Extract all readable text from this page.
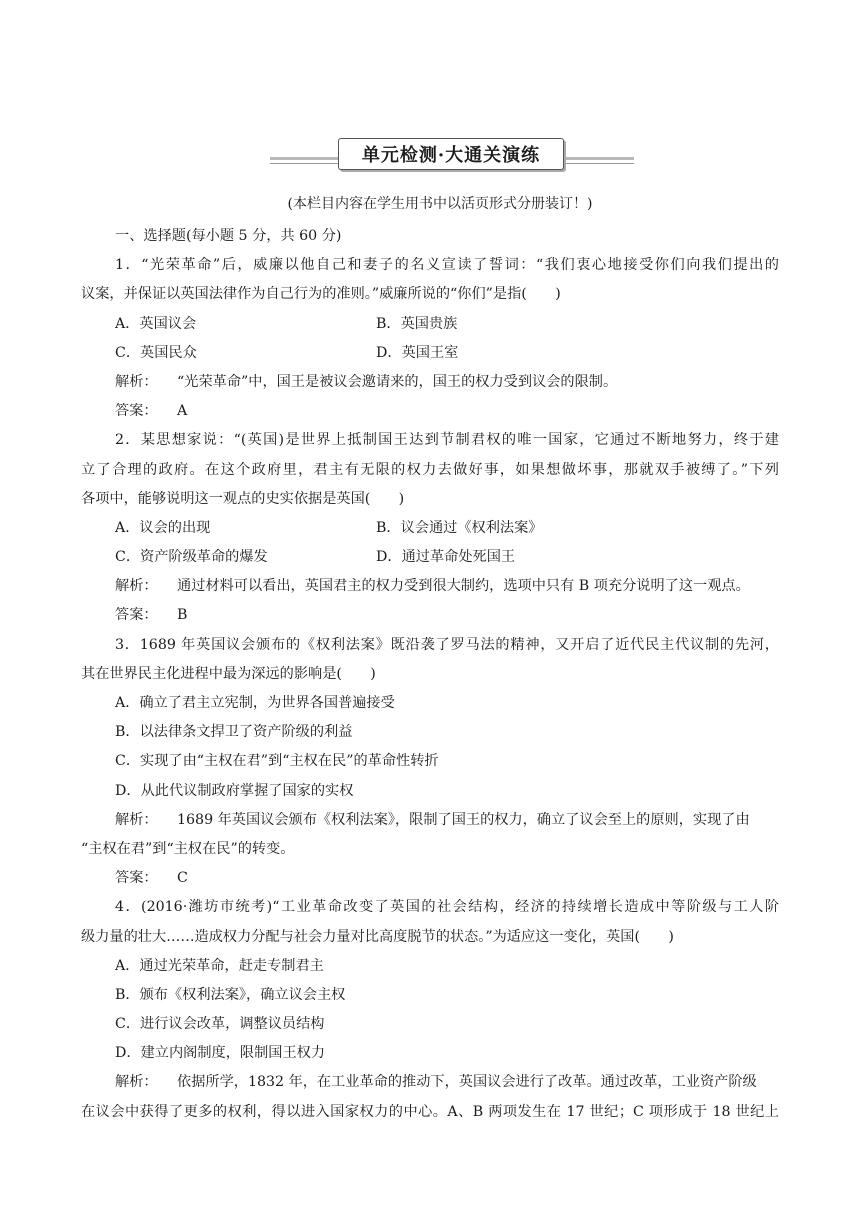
单元检测·大通关演练
(本栏目内容在学生用书中以活页形式分册装订！)
一、选择题(每小题 5 分，共 60 分)
1．“光荣革命”后，威廉以他自己和妻子的名义宣读了誓词：“我们衷心地接受你们向我们提出的
议案，并保证以英国法律作为自己行为的准则。”威廉所说的“你们”是指(　　)
A．英国议会	B．英国贵族
C．英国民众	D．英国王室
解析： “光荣革命”中，国王是被议会邀请来的，国王的权力受到议会的限制。
答案： A
2．某思想家说：“(英国)是世界上抵制国王达到节制君权的唯一国家，它通过不断地努力，终于建
立了合理的政府。在这个政府里，君主有无限的权力去做好事，如果想做坏事，那就双手被缚了。”下列
各项中，能够说明这一观点的史实依据是英国(　　)
A．议会的出现	B．议会通过《权利法案》
C．资产阶级革命的爆发	D．通过革命处死国王
解析： 通过材料可以看出，英国君主的权力受到很大制约，选项中只有 B 项充分说明了这一观点。
答案： B
3．1689 年英国议会颁布的《权利法案》既沿袭了罗马法的精神，又开启了近代民主代议制的先河，
其在世界民主化进程中最为深远的影响是(　　)
A．确立了君主立宪制，为世界各国普遍接受
B．以法律条文捍卫了资产阶级的利益
C．实现了由“主权在君”到“主权在民”的革命性转折
D．从此代议制政府掌握了国家的实权
解析： 1689 年英国议会颁布《权利法案》，限制了国王的权力，确立了议会至上的原则，实现了由
“主权在君”到“主权在民”的转变。
答案： C
4．(2016·潍坊市统考)“工业革命改变了英国的社会结构，经济的持续增长造成中等阶级与工人阶
级力量的壮大……造成权力分配与社会力量对比高度脱节的状态。”为适应这一变化，英国(　　)
A．通过光荣革命，赶走专制君主
B．颁布《权利法案》，确立议会主权
C．进行议会改革，调整议员结构
D．建立内阁制度，限制国王权力
解析： 依据所学，1832 年，在工业革命的推动下，英国议会进行了改革。通过改革，工业资产阶级
在议会中获得了更多的权利，得以进入国家权力的中心。A、B 两项发生在 17 世纪；C 项形成于 18 世纪上
